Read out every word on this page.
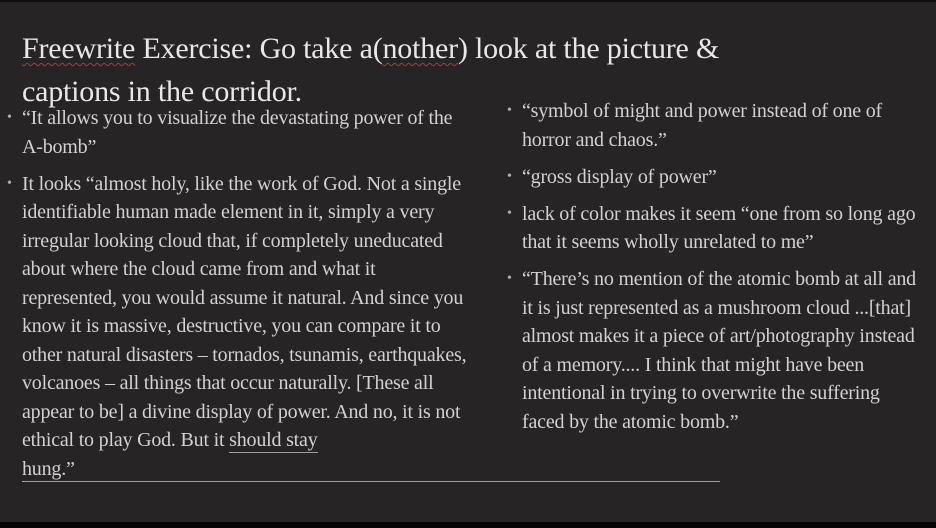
Freewrite Exercise: Go take a(nother) look at the picture &
captions in the corridor.
• “It allows you to visualize the devastating power of the A-bomb”
• It looks “almost holy, like the work of God. Not a single identifiable human made element in it, simply a very irregular looking cloud that, if completely uneducated about where the cloud came from and what it represented, you would assume it natural. And since you know it is massive, destructive, you can compare it to other natural disasters – tornados, tsunamis, earthquakes, volcanoes – all things that occur naturally. [These all appear to be] a divine display of power. And no, it is not ethical to play God. But it should stay hung.”
• “symbol of might and power instead of one of horror and chaos.”
• “gross display of power”
• lack of color makes it seem “one from so long ago that it seems wholly unrelated to me”
• “There’s no mention of the atomic bomb at all and it is just represented as a mushroom cloud ...[that] almost makes it a piece of art/photography instead of a memory.... I think that might have been intentional in trying to overwrite the suffering faced by the atomic bomb.”
